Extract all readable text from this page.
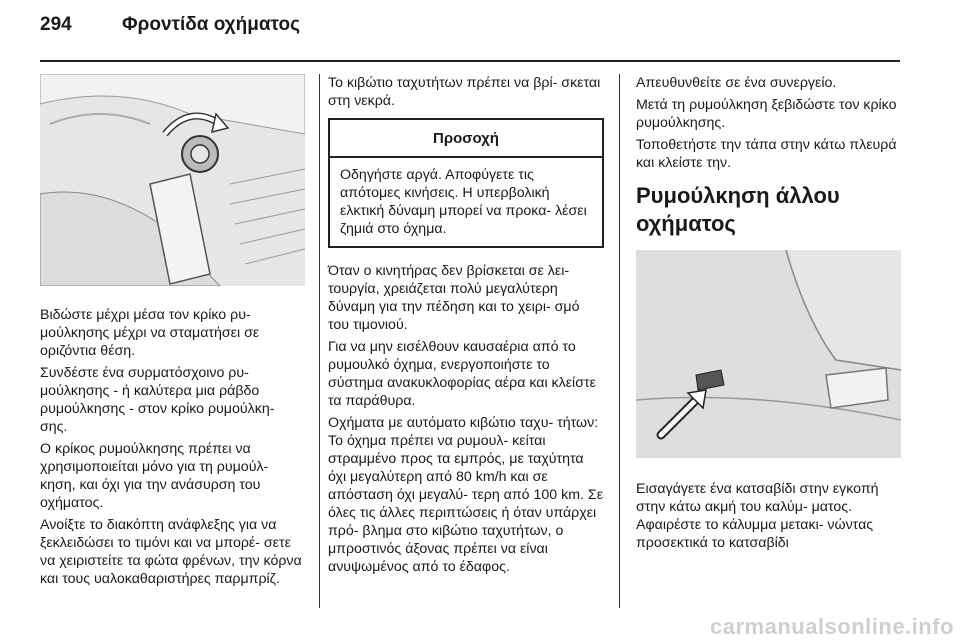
294	Φροντίδα οχήματος

Βιδώστε μέχρι μέσα τον κρίκο ρυ‐ μούλκησης μέχρι να σταματήσει σε οριζόντια θέση.

Συνδέστε ένα συρματόσχοινο ρυ‐ μούλκησης - ή καλύτερα μια ράβδο ρυμούλκησης - στον κρίκο ρυμούλκη‐ σης.

Ο κρίκος ρυμούλκησης πρέπει να χρησιμοποιείται μόνο για τη ρυμούλ‐ κηση, και όχι για την ανάσυρση του οχήματος.

Ανοίξτε το διακόπτη ανάφλεξης για να ξεκλειδώσει το τιμόνι και να μπορέ‐ σετε να χειριστείτε τα φώτα φρένων, την κόρνα και τους υαλοκαθαριστήρες παρμπρίζ.

Το κιβώτιο ταχυτήτων πρέπει να βρί‐ σκεται στη νεκρά.

Προσοχή

Οδηγήστε αργά. Αποφύγετε τις απότομες κινήσεις. Η υπερβολική ελκτική δύναμη μπορεί να προκα‐ λέσει ζημιά στο όχημα.

Όταν ο κινητήρας δεν βρίσκεται σε λει‐ τουργία, χρειάζεται πολύ μεγαλύτερη δύναμη για την πέδηση και το χειρι‐ σμό του τιμονιού.

Για να μην εισέλθουν καυσαέρια από το ρυμουλκό όχημα, ενεργοποιήστε το σύστημα ανακυκλοφορίας αέρα και κλείστε τα παράθυρα.

Οχήματα με αυτόματο κιβώτιο ταχυ‐ τήτων: Το όχημα πρέπει να ρυμουλ‐ κείται στραμμένο προς τα εμπρός, με ταχύτητα όχι μεγαλύτερη από 80 km/h και σε απόσταση όχι μεγαλύ‐ τερη από 100 km. Σε όλες τις άλλες περιπτώσεις ή όταν υπάρχει πρό‐ βλημα στο κιβώτιο ταχυτήτων, ο μπροστινός άξονας πρέπει να είναι ανυψωμένος από το έδαφος.

Απευθυνθείτε σε ένα συνεργείο.

Μετά τη ρυμούλκηση ξεβιδώστε τον κρίκο ρυμούλκησης.

Τοποθετήστε την τάπα στην κάτω πλευρά και κλείστε την.

Ρυμούλκηση άλλου οχήματος

Εισαγάγετε ένα κατσαβίδι στην εγκοπή στην κάτω ακμή του καλύμ‐ ματος. Αφαιρέστε το κάλυμμα μετακι‐ νώντας προσεκτικά το κατσαβίδι

carmanualsonline.info
